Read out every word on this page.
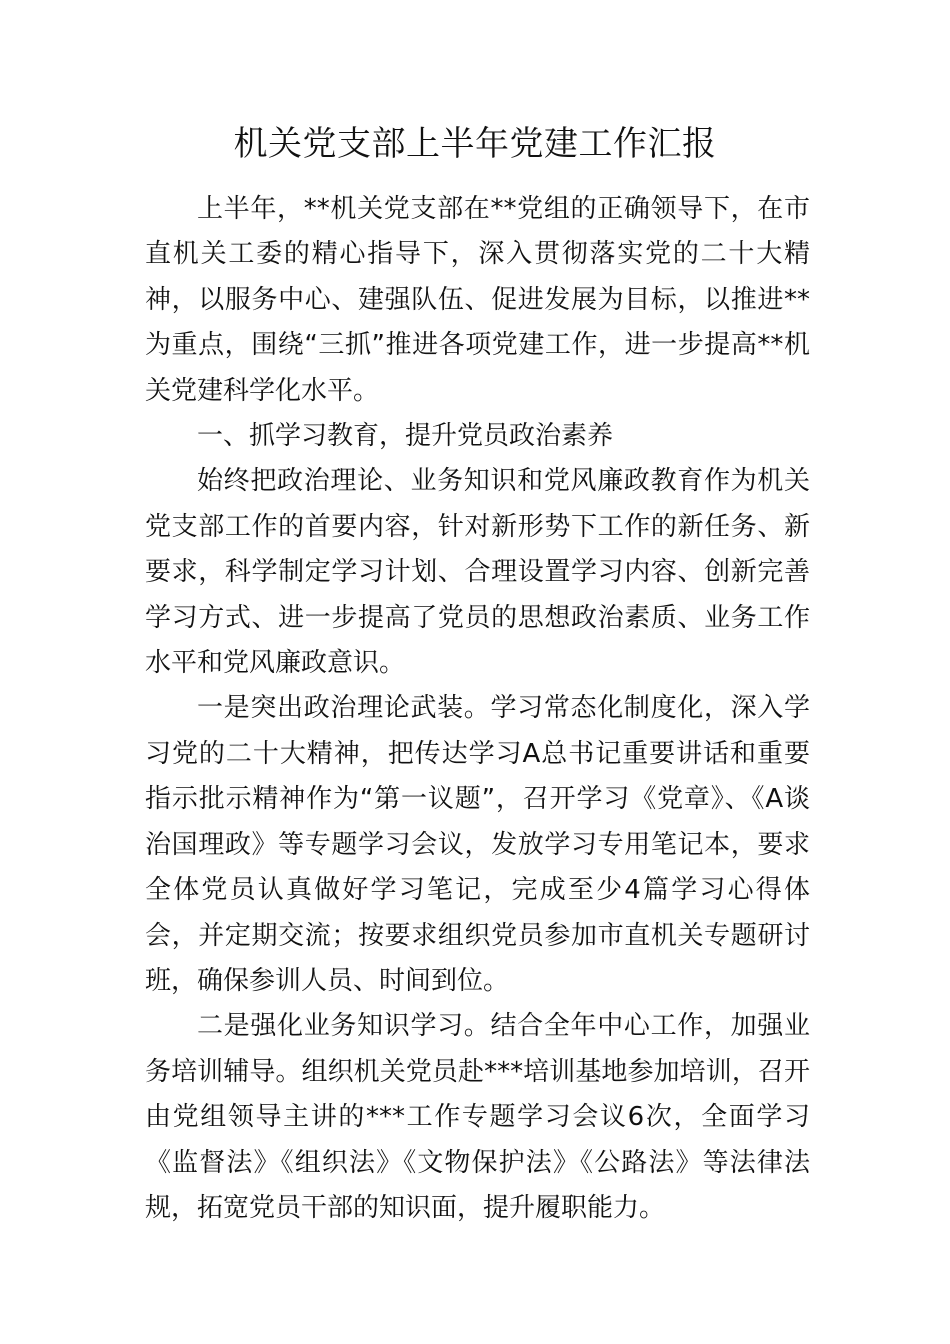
机关党支部上半年党建工作汇报

上半年，**机关党支部在**党组的正确领导下，在市直机关工委的精心指导下，深入贯彻落实党的二十大精神，以服务中心、建强队伍、促进发展为目标，以推进**为重点，围绕“三抓”推进各项党建工作，进一步提高**机关党建科学化水平。

一、抓学习教育，提升党员政治素养

始终把政治理论、业务知识和党风廉政教育作为机关党支部工作的首要内容，针对新形势下工作的新任务、新要求，科学制定学习计划、合理设置学习内容、创新完善学习方式、进一步提高了党员的思想政治素质、业务工作水平和党风廉政意识。

一是突出政治理论武装。学习常态化制度化，深入学习党的二十大精神，把传达学习A总书记重要讲话和重要指示批示精神作为“第一议题”，召开学习《党章》、《A谈治国理政》等专题学习会议，发放学习专用笔记本，要求全体党员认真做好学习笔记，完成至少4篇学习心得体会，并定期交流；按要求组织党员参加市直机关专题研讨班，确保参训人员、时间到位。

二是强化业务知识学习。结合全年中心工作，加强业务培训辅导。组织机关党员赴***培训基地参加培训，召开由党组领导主讲的***工作专题学习会议6次，全面学习《监督法》《组织法》《文物保护法》《公路法》等法律法规，拓宽党员干部的知识面，提升履职能力。
